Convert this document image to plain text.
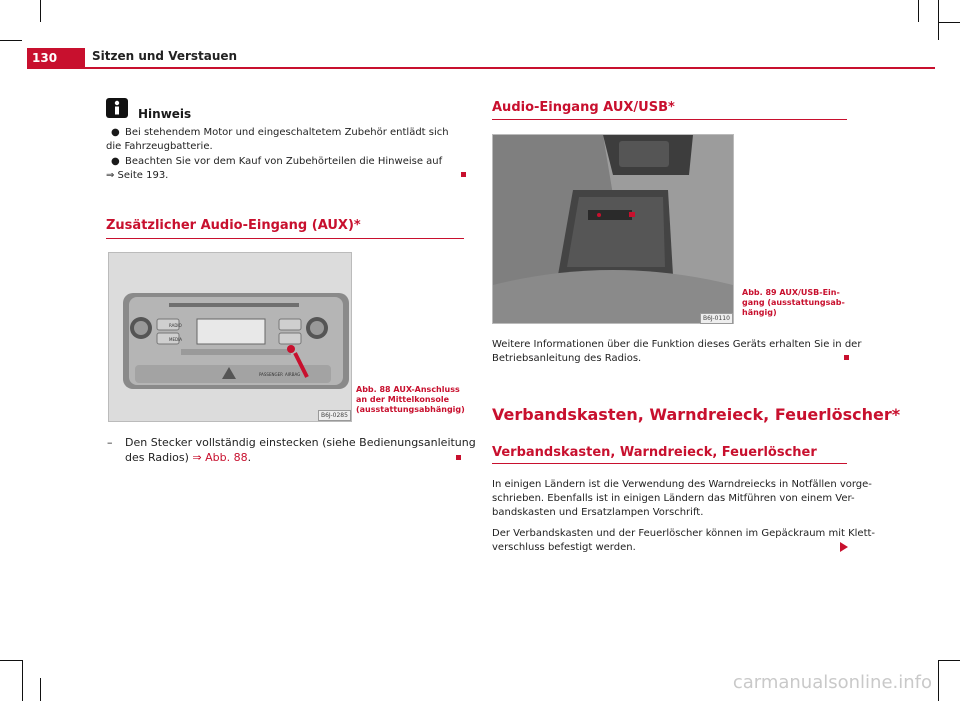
130	Sitzen und Verstauen
Hinweis
● Bei stehendem Motor und eingeschaltetem Zubehör entlädt sich die Fahrzeugbatterie.
● Beachten Sie vor dem Kauf von Zubehörteilen die Hinweise auf
⇒ Seite 193.
Zusätzlicher Audio-Eingang (AUX)*
RADIO
MEDIA
PASSENGER AIRBAG
B6J-0285
Abb. 88 AUX-Anschluss
an der Mittelkonsole
(ausstattungsabhängig)
– Den Stecker vollständig einstecken (siehe Bedienungsanleitung
des Radios) ⇒ Abb. 88.
Audio-Eingang AUX/USB*
B6J-0110
Abb. 89 AUX/USB-Ein-
gang (ausstattungsab-
hängig)
Weitere Informationen über die Funktion dieses Geräts erhalten Sie in der
Betriebsanleitung des Radios.
Verbandskasten, Warndreieck, Feuerlöscher*
Verbandskasten, Warndreieck, Feuerlöscher
In einigen Ländern ist die Verwendung des Warndreiecks in Notfällen vorge-
schrieben. Ebenfalls ist in einigen Ländern das Mitführen von einem Ver-
bandskasten und Ersatzlampen Vorschrift.
Der Verbandskasten und der Feuerlöscher können im Gepäckraum mit Klett-
verschluss befestigt werden.
carmanualsonline.info
